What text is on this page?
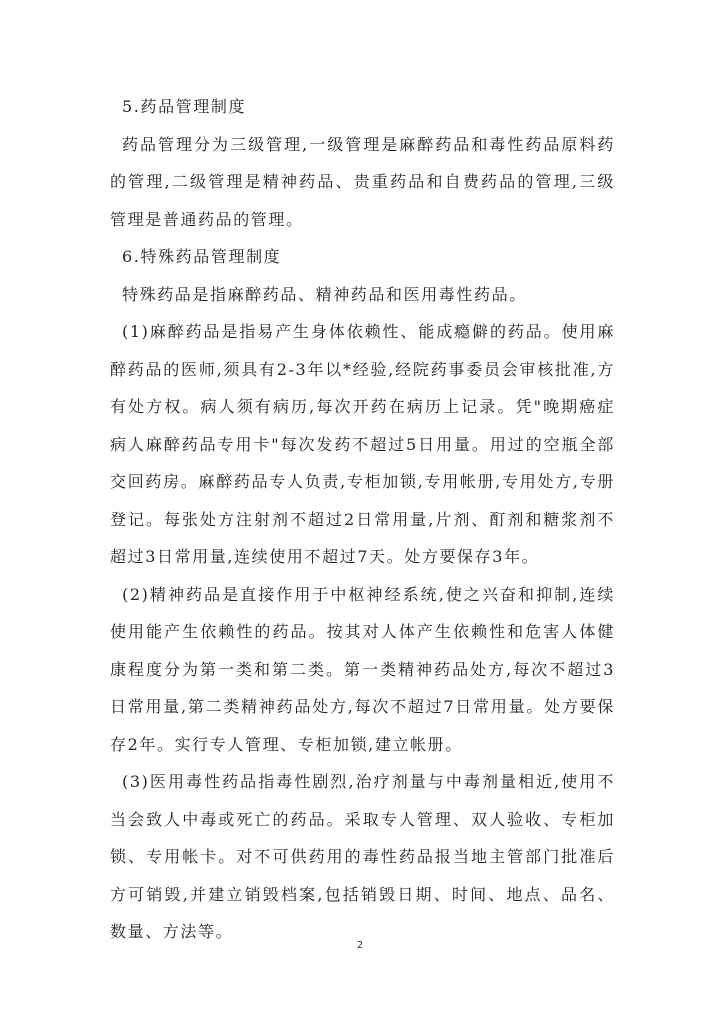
5.药品管理制度

药品管理分为三级管理,一级管理是麻醉药品和毒性药品原料药的管理,二级管理是精神药品、贵重药品和自费药品的管理,三级管理是普通药品的管理。

6.特殊药品管理制度

特殊药品是指麻醉药品、精神药品和医用毒性药品。

(1)麻醉药品是指易产生身体依赖性、能成瘾僻的药品。使用麻醉药品的医师,须具有2-3年以*经验,经院药事委员会审核批准,方有处方权。病人须有病历,每次开药在病历上记录。凭"晚期癌症病人麻醉药品专用卡"每次发药不超过5日用量。用过的空瓶全部交回药房。麻醉药品专人负责,专柜加锁,专用帐册,专用处方,专册登记。每张处方注射剂不超过2日常用量,片剂、酊剂和糖浆剂不超过3日常用量,连续使用不超过7天。处方要保存3年。

(2)精神药品是直接作用于中枢神经系统,使之兴奋和抑制,连续使用能产生依赖性的药品。按其对人体产生依赖性和危害人体健康程度分为第一类和第二类。第一类精神药品处方,每次不超过3日常用量,第二类精神药品处方,每次不超过7日常用量。处方要保存2年。实行专人管理、专柜加锁,建立帐册。

(3)医用毒性药品指毒性剧烈,治疗剂量与中毒剂量相近,使用不当会致人中毒或死亡的药品。采取专人管理、双人验收、专柜加锁、专用帐卡。对不可供药用的毒性药品报当地主管部门批准后方可销毁,并建立销毁档案,包括销毁日期、时间、地点、品名、数量、方法等。

2
